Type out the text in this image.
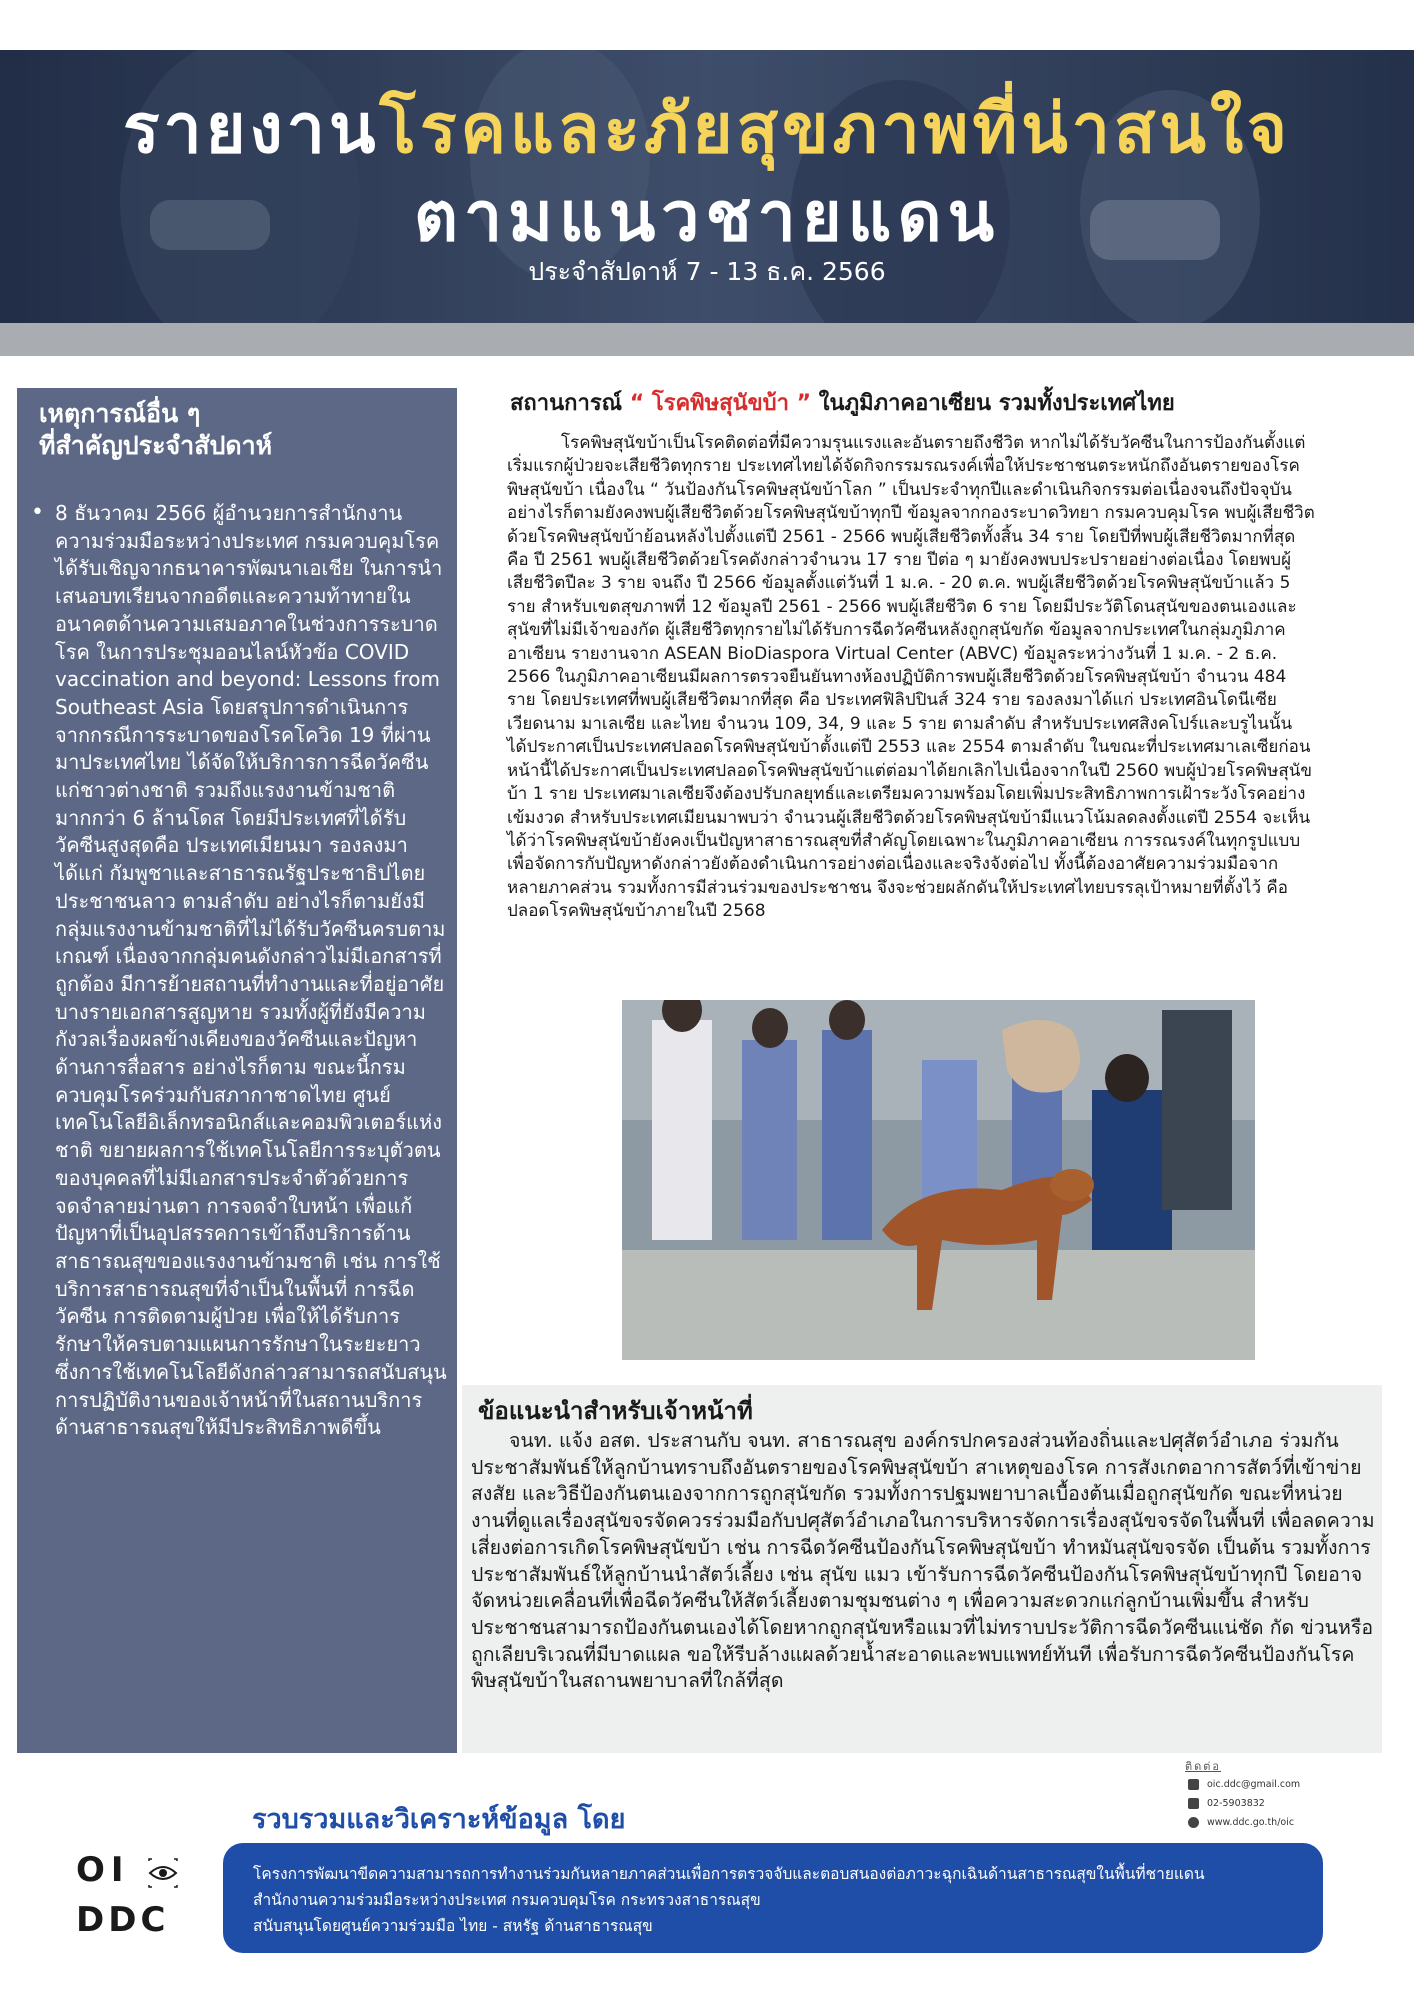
รายงานโรคและภัยสุขภาพที่น่าสนใจ
ตามแนวชายแดน
ประจำสัปดาห์ 7 - 13 ธ.ค. 2566
เหตุการณ์อื่น ๆ
ที่สำคัญประจำสัปดาห์
• 8 ธันวาคม 2566 ผู้อำนวยการสำนักงานความร่วมมือระหว่างประเทศ กรมควบคุมโรค ได้รับเชิญจากธนาคารพัฒนาเอเชีย ในการนำเสนอบทเรียนจากอดีตและความท้าทายในอนาคตด้านความเสมอภาคในช่วงการระบาดโรค ในการประชุมออนไลน์หัวข้อ COVID vaccination and beyond: Lessons from Southeast Asia โดยสรุปการดำเนินการ จากกรณีการระบาดของโรคโควิด 19 ที่ผ่านมาประเทศไทย ได้จัดให้บริการการฉีดวัคซีนแก่ชาวต่างชาติ รวมถึงแรงงานข้ามชาติมากกว่า 6 ล้านโดส โดยมีประเทศที่ได้รับวัคซีนสูงสุดคือ ประเทศเมียนมา รองลงมา ได้แก่ กัมพูชาและสาธารณรัฐประชาธิปไตยประชาชนลาว ตามลำดับ อย่างไรก็ตามยังมีกลุ่มแรงงานข้ามชาติที่ไม่ได้รับวัคซีนครบตามเกณฑ์ เนื่องจากกลุ่มคนดังกล่าวไม่มีเอกสารที่ถูกต้อง มีการย้ายสถานที่ทำงานและที่อยู่อาศัย บางรายเอกสารสูญหาย รวมทั้งผู้ที่ยังมีความกังวลเรื่องผลข้างเคียงของวัคซีนและปัญหาด้านการสื่อสาร อย่างไรก็ตาม ขณะนี้กรมควบคุมโรคร่วมกับสภากาชาดไทย ศูนย์เทคโนโลยีอิเล็กทรอนิกส์และคอมพิวเตอร์แห่งชาติ ขยายผลการใช้เทคโนโลยีการระบุตัวตนของบุคคลที่ไม่มีเอกสารประจำตัวด้วยการจดจำลายม่านตา การจดจำใบหน้า เพื่อแก้ปัญหาที่เป็นอุปสรรคการเข้าถึงบริการด้านสาธารณสุขของแรงงานข้ามชาติ เช่น การใช้บริการสาธารณสุขที่จำเป็นในพื้นที่ การฉีดวัคซีน การติดตามผู้ป่วย เพื่อให้ได้รับการรักษาให้ครบตามแผนการรักษาในระยะยาว ซึ่งการใช้เทคโนโลยีดังกล่าวสามารถสนับสนุนการปฏิบัติงานของเจ้าหน้าที่ในสถานบริการด้านสาธารณสุขให้มีประสิทธิภาพดีขึ้น

สถานการณ์ “ โรคพิษสุนัขบ้า ” ในภูมิภาคอาเซียน รวมทั้งประเทศไทย

โรคพิษสุนัขบ้าเป็นโรคติดต่อที่มีความรุนแรงและอันตรายถึงชีวิต หากไม่ได้รับวัคซีนในการป้องกันตั้งแต่เริ่มแรกผู้ป่วยจะเสียชีวิตทุกราย ประเทศไทยได้จัดกิจกรรมรณรงค์เพื่อให้ประชาชนตระหนักถึงอันตรายของโรคพิษสุนัขบ้า เนื่องใน “ วันป้องกันโรคพิษสุนัขบ้าโลก ” เป็นประจำทุกปีและดำเนินกิจกรรมต่อเนื่องจนถึงปัจจุบัน อย่างไรก็ตามยังคงพบผู้เสียชีวิตด้วยโรคพิษสุนัขบ้าทุกปี ข้อมูลจากกองระบาดวิทยา กรมควบคุมโรค พบผู้เสียชีวิตด้วยโรคพิษสุนัขบ้าย้อนหลังไปตั้งแต่ปี 2561 - 2566 พบผู้เสียชีวิตทั้งสิ้น 34 ราย โดยปีที่พบผู้เสียชีวิตมากที่สุด คือ ปี 2561 พบผู้เสียชีวิตด้วยโรคดังกล่าวจำนวน 17 ราย ปีต่อ ๆ มายังคงพบประปรายอย่างต่อเนื่อง โดยพบผู้เสียชีวิตปีละ 3 ราย จนถึง ปี 2566 ข้อมูลตั้งแต่วันที่ 1 ม.ค. - 20 ต.ค. พบผู้เสียชีวิตด้วยโรคพิษสุนัขบ้าแล้ว 5 ราย สำหรับเขตสุขภาพที่ 12 ข้อมูลปี 2561 - 2566 พบผู้เสียชีวิต 6 ราย โดยมีประวัติโดนสุนัขของตนเองและสุนัขที่ไม่มีเจ้าของกัด ผู้เสียชีวิตทุกรายไม่ได้รับการฉีดวัคซีนหลังถูกสุนัขกัด ข้อมูลจากประเทศในกลุ่มภูมิภาคอาเซียน รายงานจาก ASEAN BioDiaspora Virtual Center (ABVC) ข้อมูลระหว่างวันที่ 1 ม.ค. - 2 ธ.ค. 2566 ในภูมิภาคอาเซียนมีผลการตรวจยืนยันทางห้องปฏิบัติการพบผู้เสียชีวิตด้วยโรคพิษสุนัขบ้า จำนวน 484 ราย โดยประเทศที่พบผู้เสียชีวิตมากที่สุด คือ ประเทศฟิลิปปินส์ 324 ราย รองลงมาได้แก่ ประเทศอินโดนีเซีย เวียดนาม มาเลเซีย และไทย จำนวน 109, 34, 9 และ 5 ราย ตามลำดับ สำหรับประเทศสิงคโปร์และบรูไนนั้น ได้ประกาศเป็นประเทศปลอดโรคพิษสุนัขบ้าตั้งแต่ปี 2553 และ 2554 ตามลำดับ ในขณะที่ประเทศมาเลเซียก่อนหน้านี้ได้ประกาศเป็นประเทศปลอดโรคพิษสุนัขบ้าแต่ต่อมาได้ยกเลิกไปเนื่องจากในปี 2560 พบผู้ป่วยโรคพิษสุนัขบ้า 1 ราย ประเทศมาเลเซียจึงต้องปรับกลยุทธ์และเตรียมความพร้อมโดยเพิ่มประสิทธิภาพการเฝ้าระวังโรคอย่างเข้มงวด สำหรับประเทศเมียนมาพบว่า จำนวนผู้เสียชีวิตด้วยโรคพิษสุนัขบ้ามีแนวโน้มลดลงตั้งแต่ปี 2554 จะเห็นได้ว่าโรคพิษสุนัขบ้ายังคงเป็นปัญหาสาธารณสุขที่สำคัญโดยเฉพาะในภูมิภาคอาเซียน การรณรงค์ในทุกรูปแบบเพื่อจัดการกับปัญหาดังกล่าวยังต้องดำเนินการอย่างต่อเนื่องและจริงจังต่อไป ทั้งนี้ต้องอาศัยความร่วมมือจากหลายภาคส่วน รวมทั้งการมีส่วนร่วมของประชาชน จึงจะช่วยผลักดันให้ประเทศไทยบรรลุเป้าหมายที่ตั้งไว้ คือ ปลอดโรคพิษสุนัขบ้าภายในปี 2568

ข้อแนะนำสำหรับเจ้าหน้าที่

จนท. แจ้ง อสต. ประสานกับ จนท. สาธารณสุข องค์กรปกครองส่วนท้องถิ่นและปศุสัตว์อำเภอ ร่วมกันประชาสัมพันธ์ให้ลูกบ้านทราบถึงอันตรายของโรคพิษสุนัขบ้า สาเหตุของโรค การสังเกตอาการสัตว์ที่เข้าข่ายสงสัย และวิธีป้องกันตนเองจากการถูกสุนัขกัด รวมทั้งการปฐมพยาบาลเบื้องต้นเมื่อถูกสุนัขกัด ขณะที่หน่วยงานที่ดูแลเรื่องสุนัขจรจัดควรร่วมมือกับปศุสัตว์อำเภอในการบริหารจัดการเรื่องสุนัขจรจัดในพื้นที่ เพื่อลดความเสี่ยงต่อการเกิดโรคพิษสุนัขบ้า เช่น การฉีดวัคซีนป้องกันโรคพิษสุนัขบ้า ทำหมันสุนัขจรจัด เป็นต้น รวมทั้งการประชาสัมพันธ์ให้ลูกบ้านนำสัตว์เลี้ยง เช่น สุนัข แมว เข้ารับการฉีดวัคซีนป้องกันโรคพิษสุนัขบ้าทุกปี โดยอาจจัดหน่วยเคลื่อนที่เพื่อฉีดวัคซีนให้สัตว์เลี้ยงตามชุมชนต่าง ๆ เพื่อความสะดวกแก่ลูกบ้านเพิ่มขึ้น สำหรับประชาชนสามารถป้องกันตนเองได้โดยหากถูกสุนัขหรือแมวที่ไม่ทราบประวัติการฉีดวัคซีนแน่ชัด กัด ข่วนหรือถูกเลียบริเวณที่มีบาดแผล ขอให้รีบล้างแผลด้วยน้ำสะอาดและพบแพทย์ทันที เพื่อรับการฉีดวัคซีนป้องกันโรคพิษสุนัขบ้าในสถานพยาบาลที่ใกล้ที่สุด

ติดต่อ
oic.ddc@gmail.com
02-5903832
www.ddc.go.th/oic
รวบรวมและวิเคราะห์ข้อมูล โดย
OI
DDC
โครงการพัฒนาขีดความสามารถการทำงานร่วมกันหลายภาคส่วนเพื่อการตรวจจับและตอบสนองต่อภาวะฉุกเฉินด้านสาธารณสุขในพื้นที่ชายแดน
สำนักงานความร่วมมือระหว่างประเทศ กรมควบคุมโรค กระทรวงสาธารณสุข
สนับสนุนโดยศูนย์ความร่วมมือ ไทย - สหรัฐ ด้านสาธารณสุข
